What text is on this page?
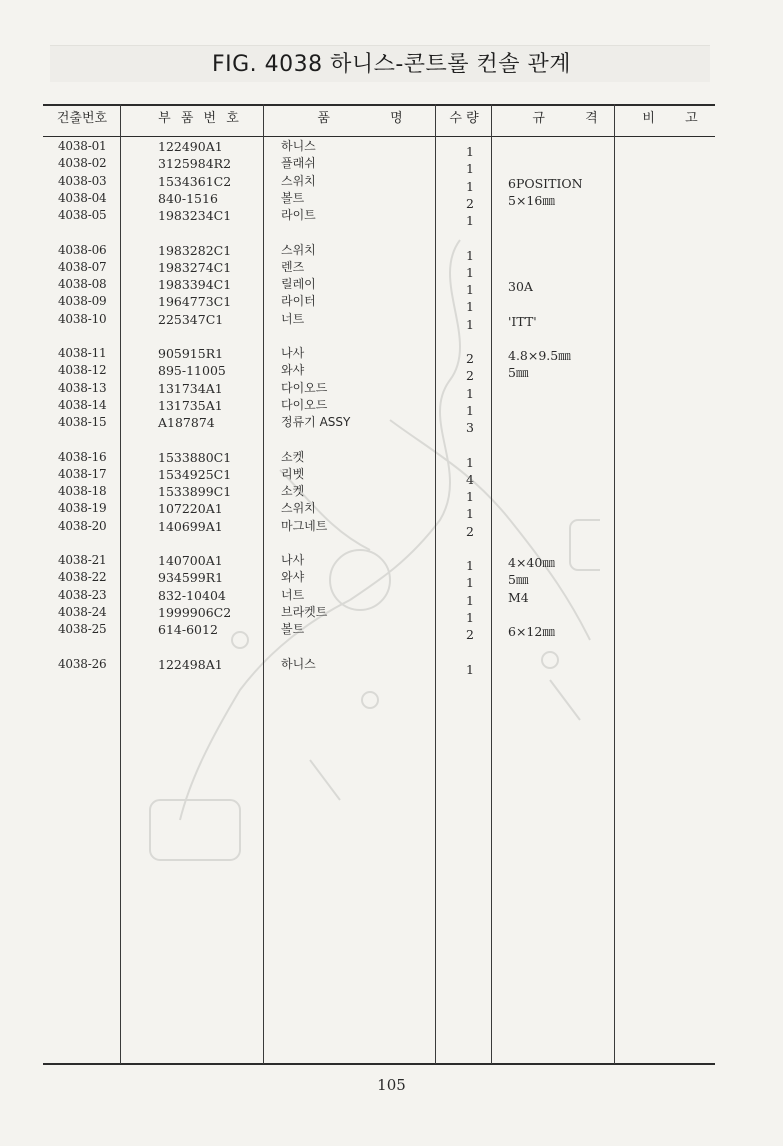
FIG. 4038 하니스-콘트롤 컨솔 관계
건출번호	부 품 번 호	품 명	수 량	규 격	비 고
4038-01	122490A1	하니스	1
4038-02	3125984R2	플래쉬	1
4038-03	1534361C2	스위치	1	6POSITION
4038-04	840-1516	볼트	2	5×16㎜
4038-05	1983234C1	라이트	1
4038-06	1983282C1	스위치	1
4038-07	1983274C1	렌즈	1
4038-08	1983394C1	릴레이	1	30A
4038-09	1964773C1	라이터	1
4038-10	225347C1	너트	1	'ITT'
4038-11	905915R1	나사	2	4.8×9.5㎜
4038-12	895-11005	와샤	2	5㎜
4038-13	131734A1	다이오드	1
4038-14	131735A1	다이오드	1
4038-15	A187874	정류기 ASSY	3
4038-16	1533880C1	소켓	1
4038-17	1534925C1	리벳	4
4038-18	1533899C1	소켓	1
4038-19	107220A1	스위치	1
4038-20	140699A1	마그네트	2
4038-21	140700A1	나사	1	4×40㎜
4038-22	934599R1	와샤	1	5㎜
4038-23	832-10404	너트	1	M4
4038-24	1999906C2	브라켓트	1
4038-25	614-6012	볼트	2	6×12㎜
4038-26	122498A1	하니스	1
105
